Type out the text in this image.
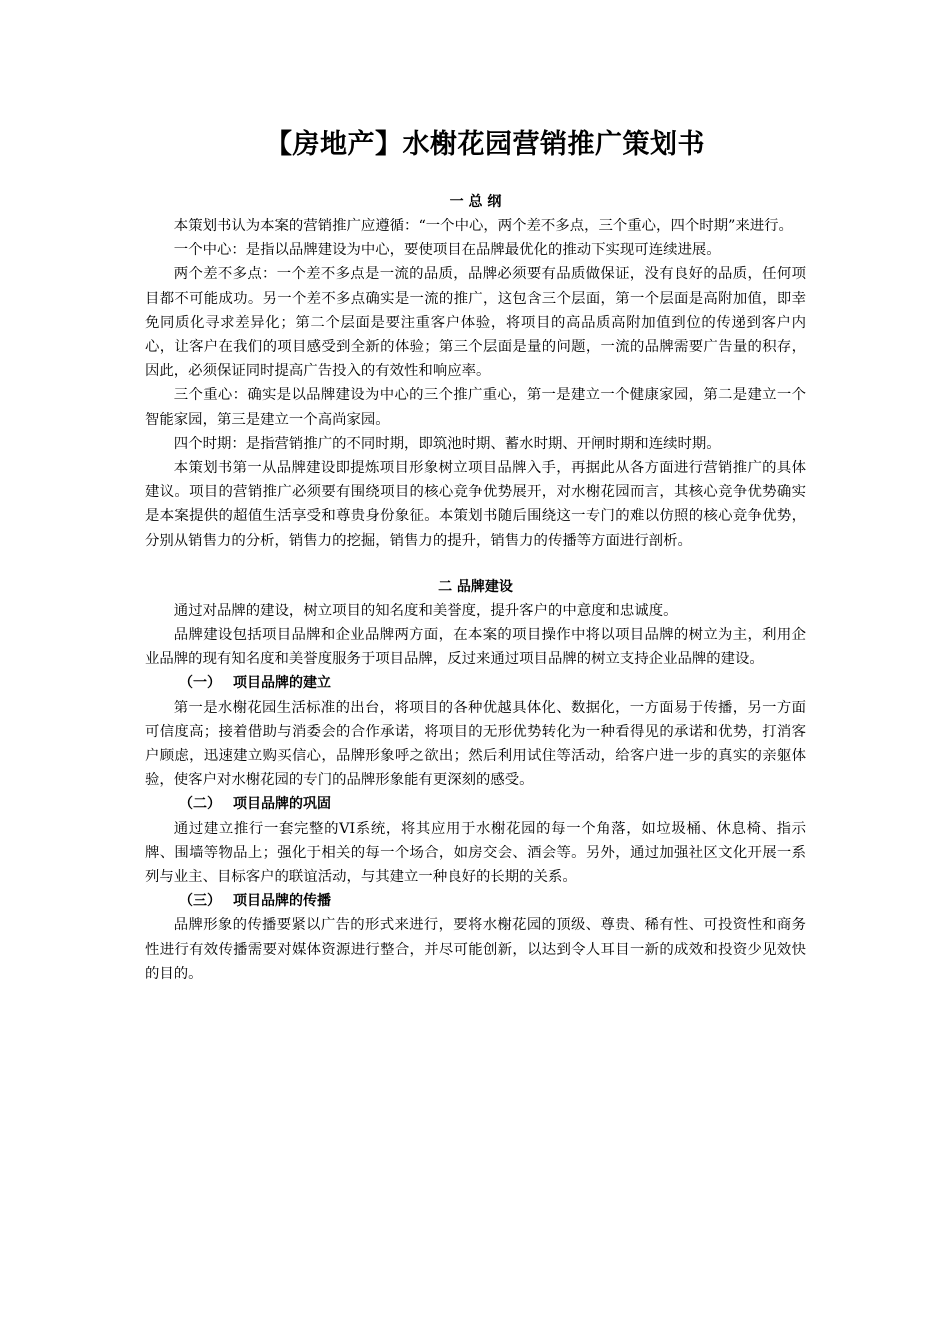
【房地产】水榭花园营销推广策划书
一 总 纲

本策划书认为本案的营销推广应遵循：“一个中心，两个差不多点，三个重心，四个时期”来进行。

一个中心：是指以品牌建设为中心，要使项目在品牌最优化的推动下实现可连续进展。

两个差不多点：一个差不多点是一流的品质，品牌必须要有品质做保证，没有良好的品质，任何项目都不可能成功。另一个差不多点确实是一流的推广，这包含三个层面，第一个层面是高附加值，即幸免同质化寻求差异化；第二个层面是要注重客户体验，将项目的高品质高附加值到位的传递到客户内心，让客户在我们的项目感受到全新的体验；第三个层面是量的问题，一流的品牌需要广告量的积存，因此，必须保证同时提高广告投入的有效性和响应率。

三个重心：确实是以品牌建设为中心的三个推广重心，第一是建立一个健康家园，第二是建立一个智能家园，第三是建立一个高尚家园。

四个时期：是指营销推广的不同时期，即筑池时期、蓄水时期、开闸时期和连续时期。

本策划书第一从品牌建设即提炼项目形象树立项目品牌入手，再据此从各方面进行营销推广的具体建议。项目的营销推广必须要有围绕项目的核心竞争优势展开，对水榭花园而言，其核心竞争优势确实是本案提供的超值生活享受和尊贵身份象征。本策划书随后围绕这一专门的难以仿照的核心竞争优势，分别从销售力的分析，销售力的挖掘，销售力的提升，销售力的传播等方面进行剖析。

二 品牌建设

通过对品牌的建设，树立项目的知名度和美誉度，提升客户的中意度和忠诚度。

品牌建设包括项目品牌和企业品牌两方面，在本案的项目操作中将以项目品牌的树立为主，利用企业品牌的现有知名度和美誉度服务于项目品牌，反过来通过项目品牌的树立支持企业品牌的建设。

（一） 项目品牌的建立

第一是水榭花园生活标准的出台，将项目的各种优越具体化、数据化，一方面易于传播，另一方面可信度高；接着借助与消委会的合作承诺，将项目的无形优势转化为一种看得见的承诺和优势，打消客户顾虑，迅速建立购买信心，品牌形象呼之欲出；然后利用试住等活动，给客户进一步的真实的亲躯体验，使客户对水榭花园的专门的品牌形象能有更深刻的感受。

（二） 项目品牌的巩固

通过建立推行一套完整的VI系统，将其应用于水榭花园的每一个角落，如垃圾桶、休息椅、指示牌、围墙等物品上；强化于相关的每一个场合，如房交会、酒会等。另外，通过加强社区文化开展一系列与业主、目标客户的联谊活动，与其建立一种良好的长期的关系。

（三） 项目品牌的传播

品牌形象的传播要紧以广告的形式来进行，要将水榭花园的顶级、尊贵、稀有性、可投资性和商务性进行有效传播需要对媒体资源进行整合，并尽可能创新，以达到令人耳目一新的成效和投资少见效快的目的。
